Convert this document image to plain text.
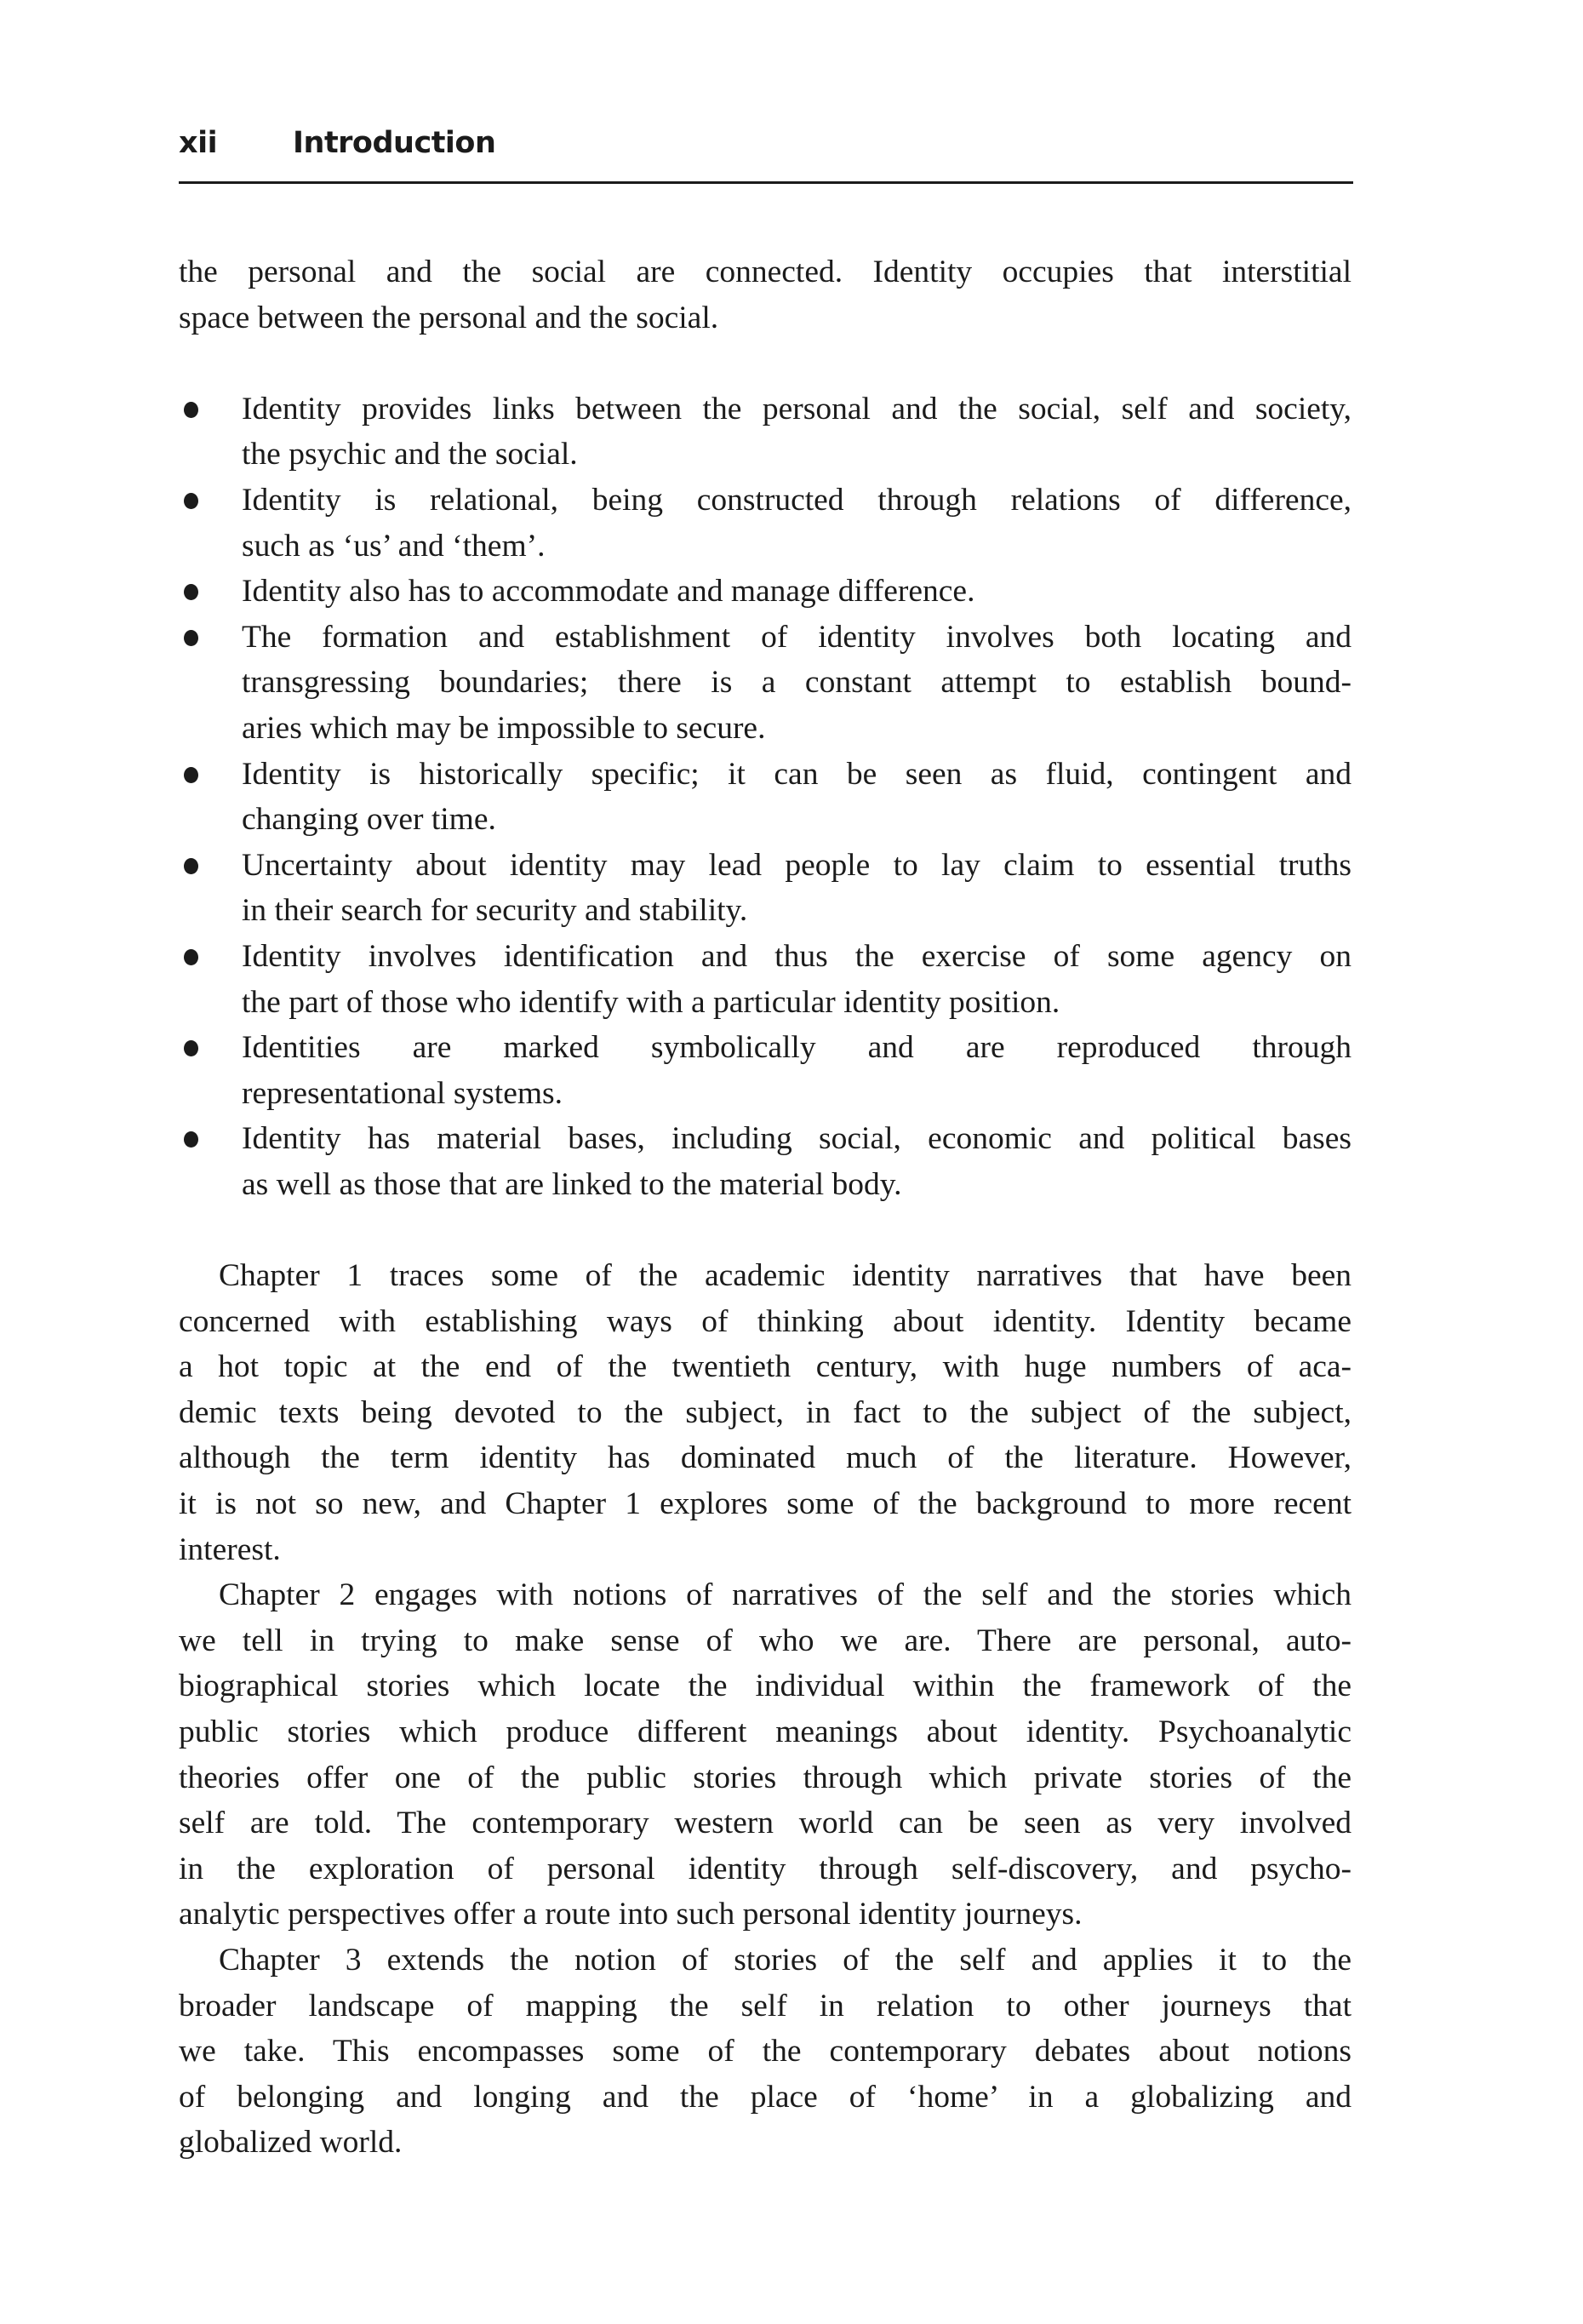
xii	Introduction
the personal and the social are connected. Identity occupies that interstitial
space between the personal and the social.
Identity provides links between the personal and the social, self and society,
the psychic and the social.
Identity is relational, being constructed through relations of difference,
such as ‘us’ and ‘them’.
Identity also has to accommodate and manage difference.
The formation and establishment of identity involves both locating and
transgressing boundaries; there is a constant attempt to establish bound-
aries which may be impossible to secure.
Identity is historically specific; it can be seen as fluid, contingent and
changing over time.
Uncertainty about identity may lead people to lay claim to essential truths
in their search for security and stability.
Identity involves identification and thus the exercise of some agency on
the part of those who identify with a particular identity position.
Identities are marked symbolically and are reproduced through
representational systems.
Identity has material bases, including social, economic and political bases
as well as those that are linked to the material body.
Chapter 1 traces some of the academic identity narratives that have been
concerned with establishing ways of thinking about identity. Identity became
a hot topic at the end of the twentieth century, with huge numbers of aca-
demic texts being devoted to the subject, in fact to the subject of the subject,
although the term identity has dominated much of the literature. However,
it is not so new, and Chapter 1 explores some of the background to more recent
interest.
Chapter 2 engages with notions of narratives of the self and the stories which
we tell in trying to make sense of who we are. There are personal, auto-
biographical stories which locate the individual within the framework of the
public stories which produce different meanings about identity. Psychoanalytic
theories offer one of the public stories through which private stories of the
self are told. The contemporary western world can be seen as very involved
in the exploration of personal identity through self-discovery, and psycho-
analytic perspectives offer a route into such personal identity journeys.
Chapter 3 extends the notion of stories of the self and applies it to the
broader landscape of mapping the self in relation to other journeys that
we take. This encompasses some of the contemporary debates about notions
of belonging and longing and the place of ‘home’ in a globalizing and
globalized world.
